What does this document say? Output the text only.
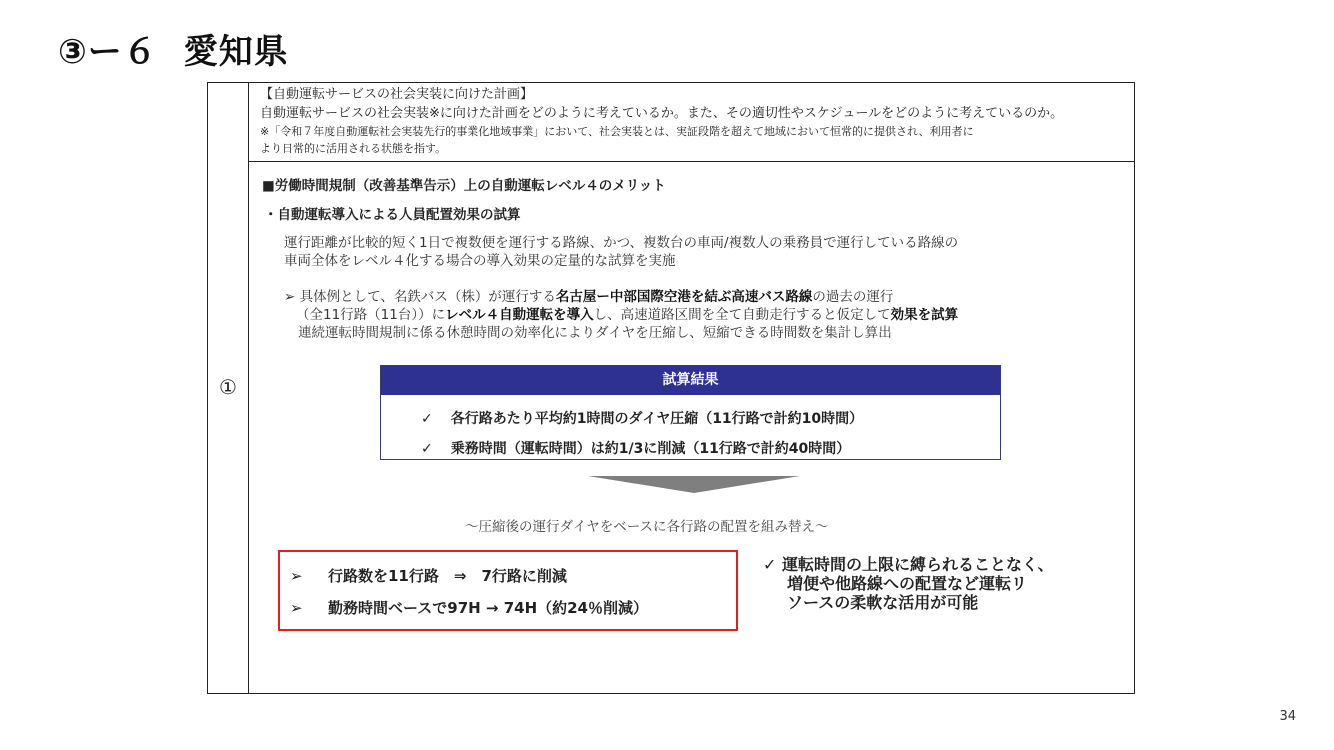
③ー６ 愛知県
①
【自動運転サービスの社会実装に向けた計画】
自動運転サービスの社会実装※に向けた計画をどのように考えているか。また、その適切性やスケジュールをどのように考えているのか。
※「令和７年度自動運転社会実装先行的事業化地域事業」において、社会実装とは、実証段階を超えて地域において恒常的に提供され、利用者に
より日常的に活用される状態を指す。
■労働時間規制（改善基準告示）上の自動運転レベル４のメリット
・自動運転導入による人員配置効果の試算
運行距離が比較的短く1日で複数便を運行する路線、かつ、複数台の車両/複数人の乗務員で運行している路線の
車両全体をレベル４化する場合の導入効果の定量的な試算を実施
➢ 具体例として、名鉄バス（株）が運行する名古屋ー中部国際空港を結ぶ高速バス路線の過去の運行
（全11行路（11台））にレベル４自動運転を導入し、高速道路区間を全て自動走行すると仮定して効果を試算
連続運転時間規制に係る休憩時間の効率化によりダイヤを圧縮し、短縮できる時間数を集計し算出
試算結果
✓ 各行路あたり平均約1時間のダイヤ圧縮（11行路で計約10時間）
✓ 乗務時間（運転時間）は約1/3に削減（11行路で計約40時間）
～圧縮後の運行ダイヤをベースに各行路の配置を組み替え～
➢ 行路数を11行路　⇒　7行路に削減
➢ 勤務時間ベースで97H → 74H（約24％削減）
✓ 運転時間の上限に縛られることなく、
増便や他路線への配置など運転リ
ソースの柔軟な活用が可能
34
